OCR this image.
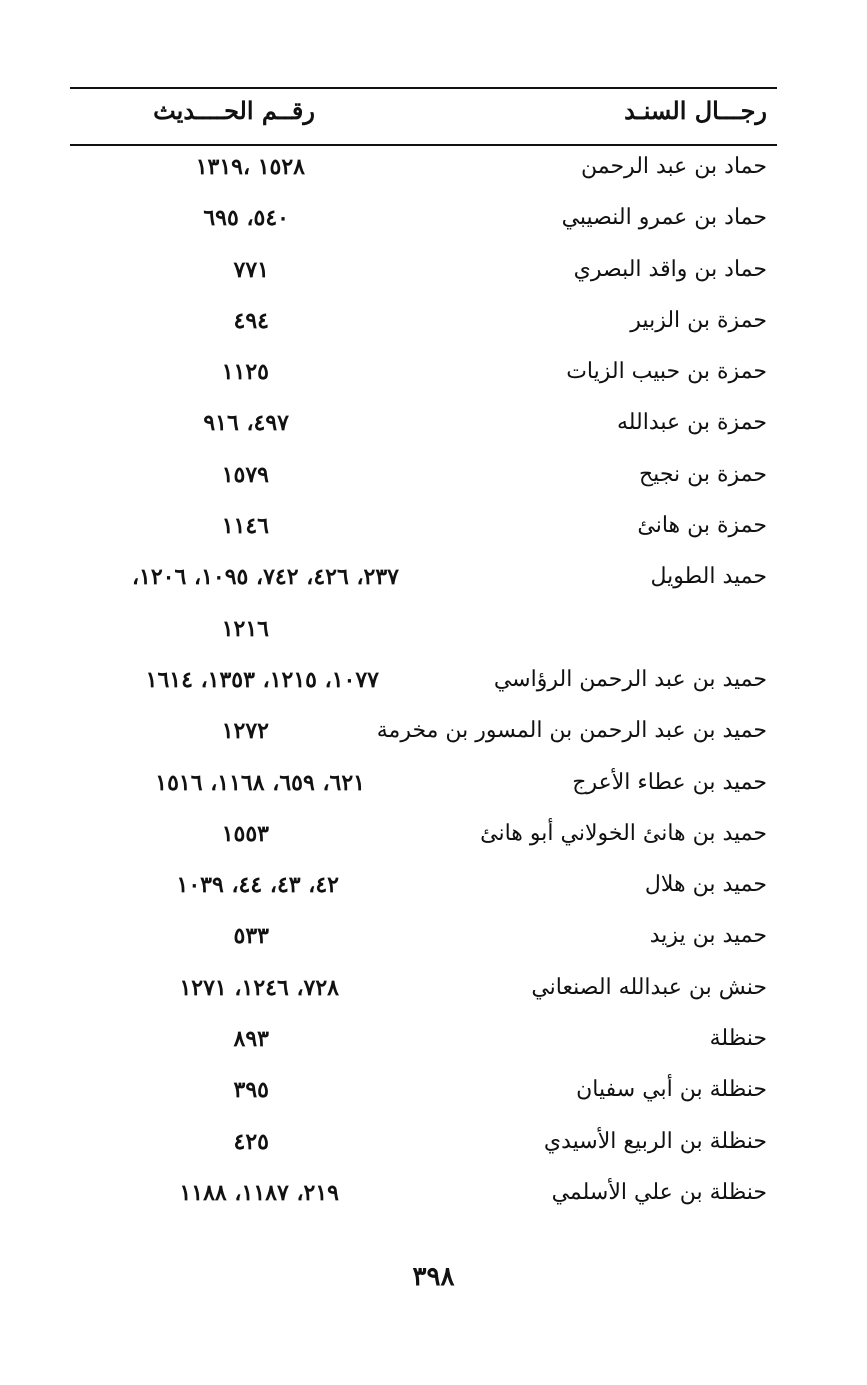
رجـــال السنـد
رقــم الحــــديث
حماد بن عبد الرحمن
١٥٢٨ ،١٣١٩
حماد بن عمرو النصيبي
٥٤٠، ٦٩٥
حماد بن واقد البصري
٧٧١
حمزة بن الزبير
٤٩٤
حمزة بن حبيب الزيات
١١٢٥
حمزة بن عبدالله
٤٩٧، ٩١٦
حمزة بن نجيح
١٥٧٩
حمزة بن هانئ
١١٤٦
حميد الطويل
٢٣٧، ٤٢٦، ٧٤٢، ١٠٩٥، ١٢٠٦،
١٢١٦
حميد بن عبد الرحمن الرؤاسي
١٠٧٧، ١٢١٥، ١٣٥٣، ١٦١٤
حميد بن عبد الرحمن بن المسور بن مخرمة
١٢٧٢
حميد بن عطاء الأعرج
٦٢١، ٦٥٩، ١١٦٨، ١٥١٦
حميد بن هانئ الخولاني أبو هانئ
١٥٥٣
حميد بن هلال
٤٢، ٤٣، ٤٤، ١٠٣٩
حميد بن يزيد
٥٣٣
حنش بن عبدالله الصنعاني
٧٢٨، ١٢٤٦، ١٢٧١
حنظلة
٨٩٣
حنظلة بن أبي سفيان
٣٩٥
حنظلة بن الربيع الأسيدي
٤٢٥
حنظلة بن علي الأسلمي
٢١٩، ١١٨٧، ١١٨٨
٣٩٨
